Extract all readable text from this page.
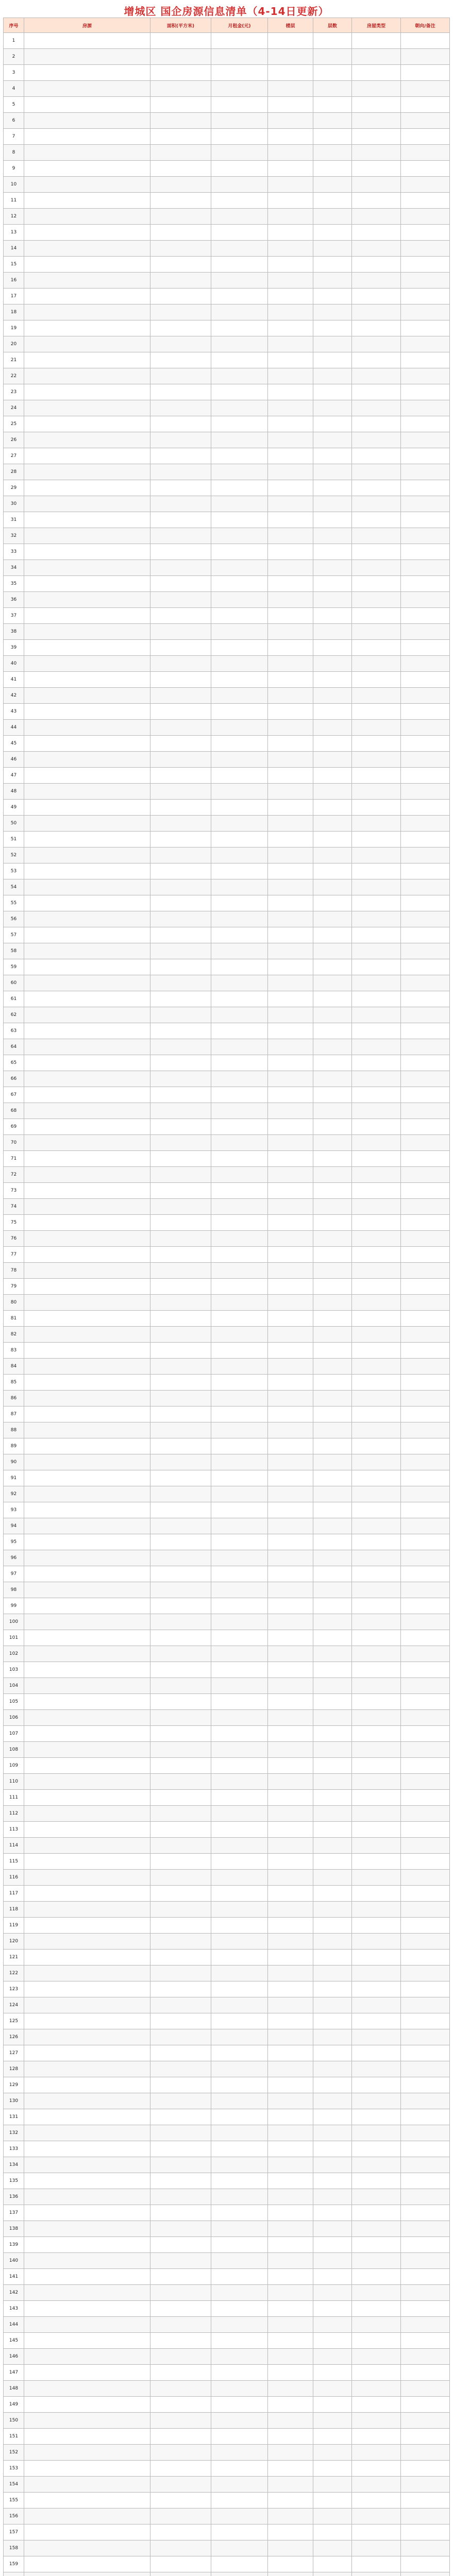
增城区 国企房源信息清单（4-14日更新）
序号	房源	面积(平方米)	月租金(元)	楼层	层数	房屋类型	朝向/备注
1							
2							
3							
4							
5							
6							
7							
8							
9							
10							
11							
12							
13							
14							
15							
16							
17							
18							
19							
20							
21							
22							
23							
24							
25							
26							
27							
28							
29							
30							
31							
32							
33							
34							
35							
36							
37							
38							
39							
40							
41							
42							
43							
44							
45							
46							
47							
48							
49							
50							
51							
52							
53							
54							
55							
56							
57							
58							
59							
60							
61							
62							
63							
64							
65							
66							
67							
68							
69							
70							
71							
72							
73							
74							
75							
76							
77							
78							
79							
80							
81							
82							
83							
84							
85							
86							
87							
88							
89							
90							
91							
92							
93							
94							
95							
96							
97							
98							
99							
100							
101							
102							
103							
104							
105							
106							
107							
108							
109							
110							
111							
112							
113							
114							
115							
116							
117							
118							
119							
120							
121							
122							
123							
124							
125							
126							
127							
128							
129							
130							
131							
132							
133							
134							
135							
136							
137							
138							
139							
140							
141							
142							
143							
144							
145							
146							
147							
148							
149							
150							
151							
152							
153							
154							
155							
156							
157							
158							
159							
